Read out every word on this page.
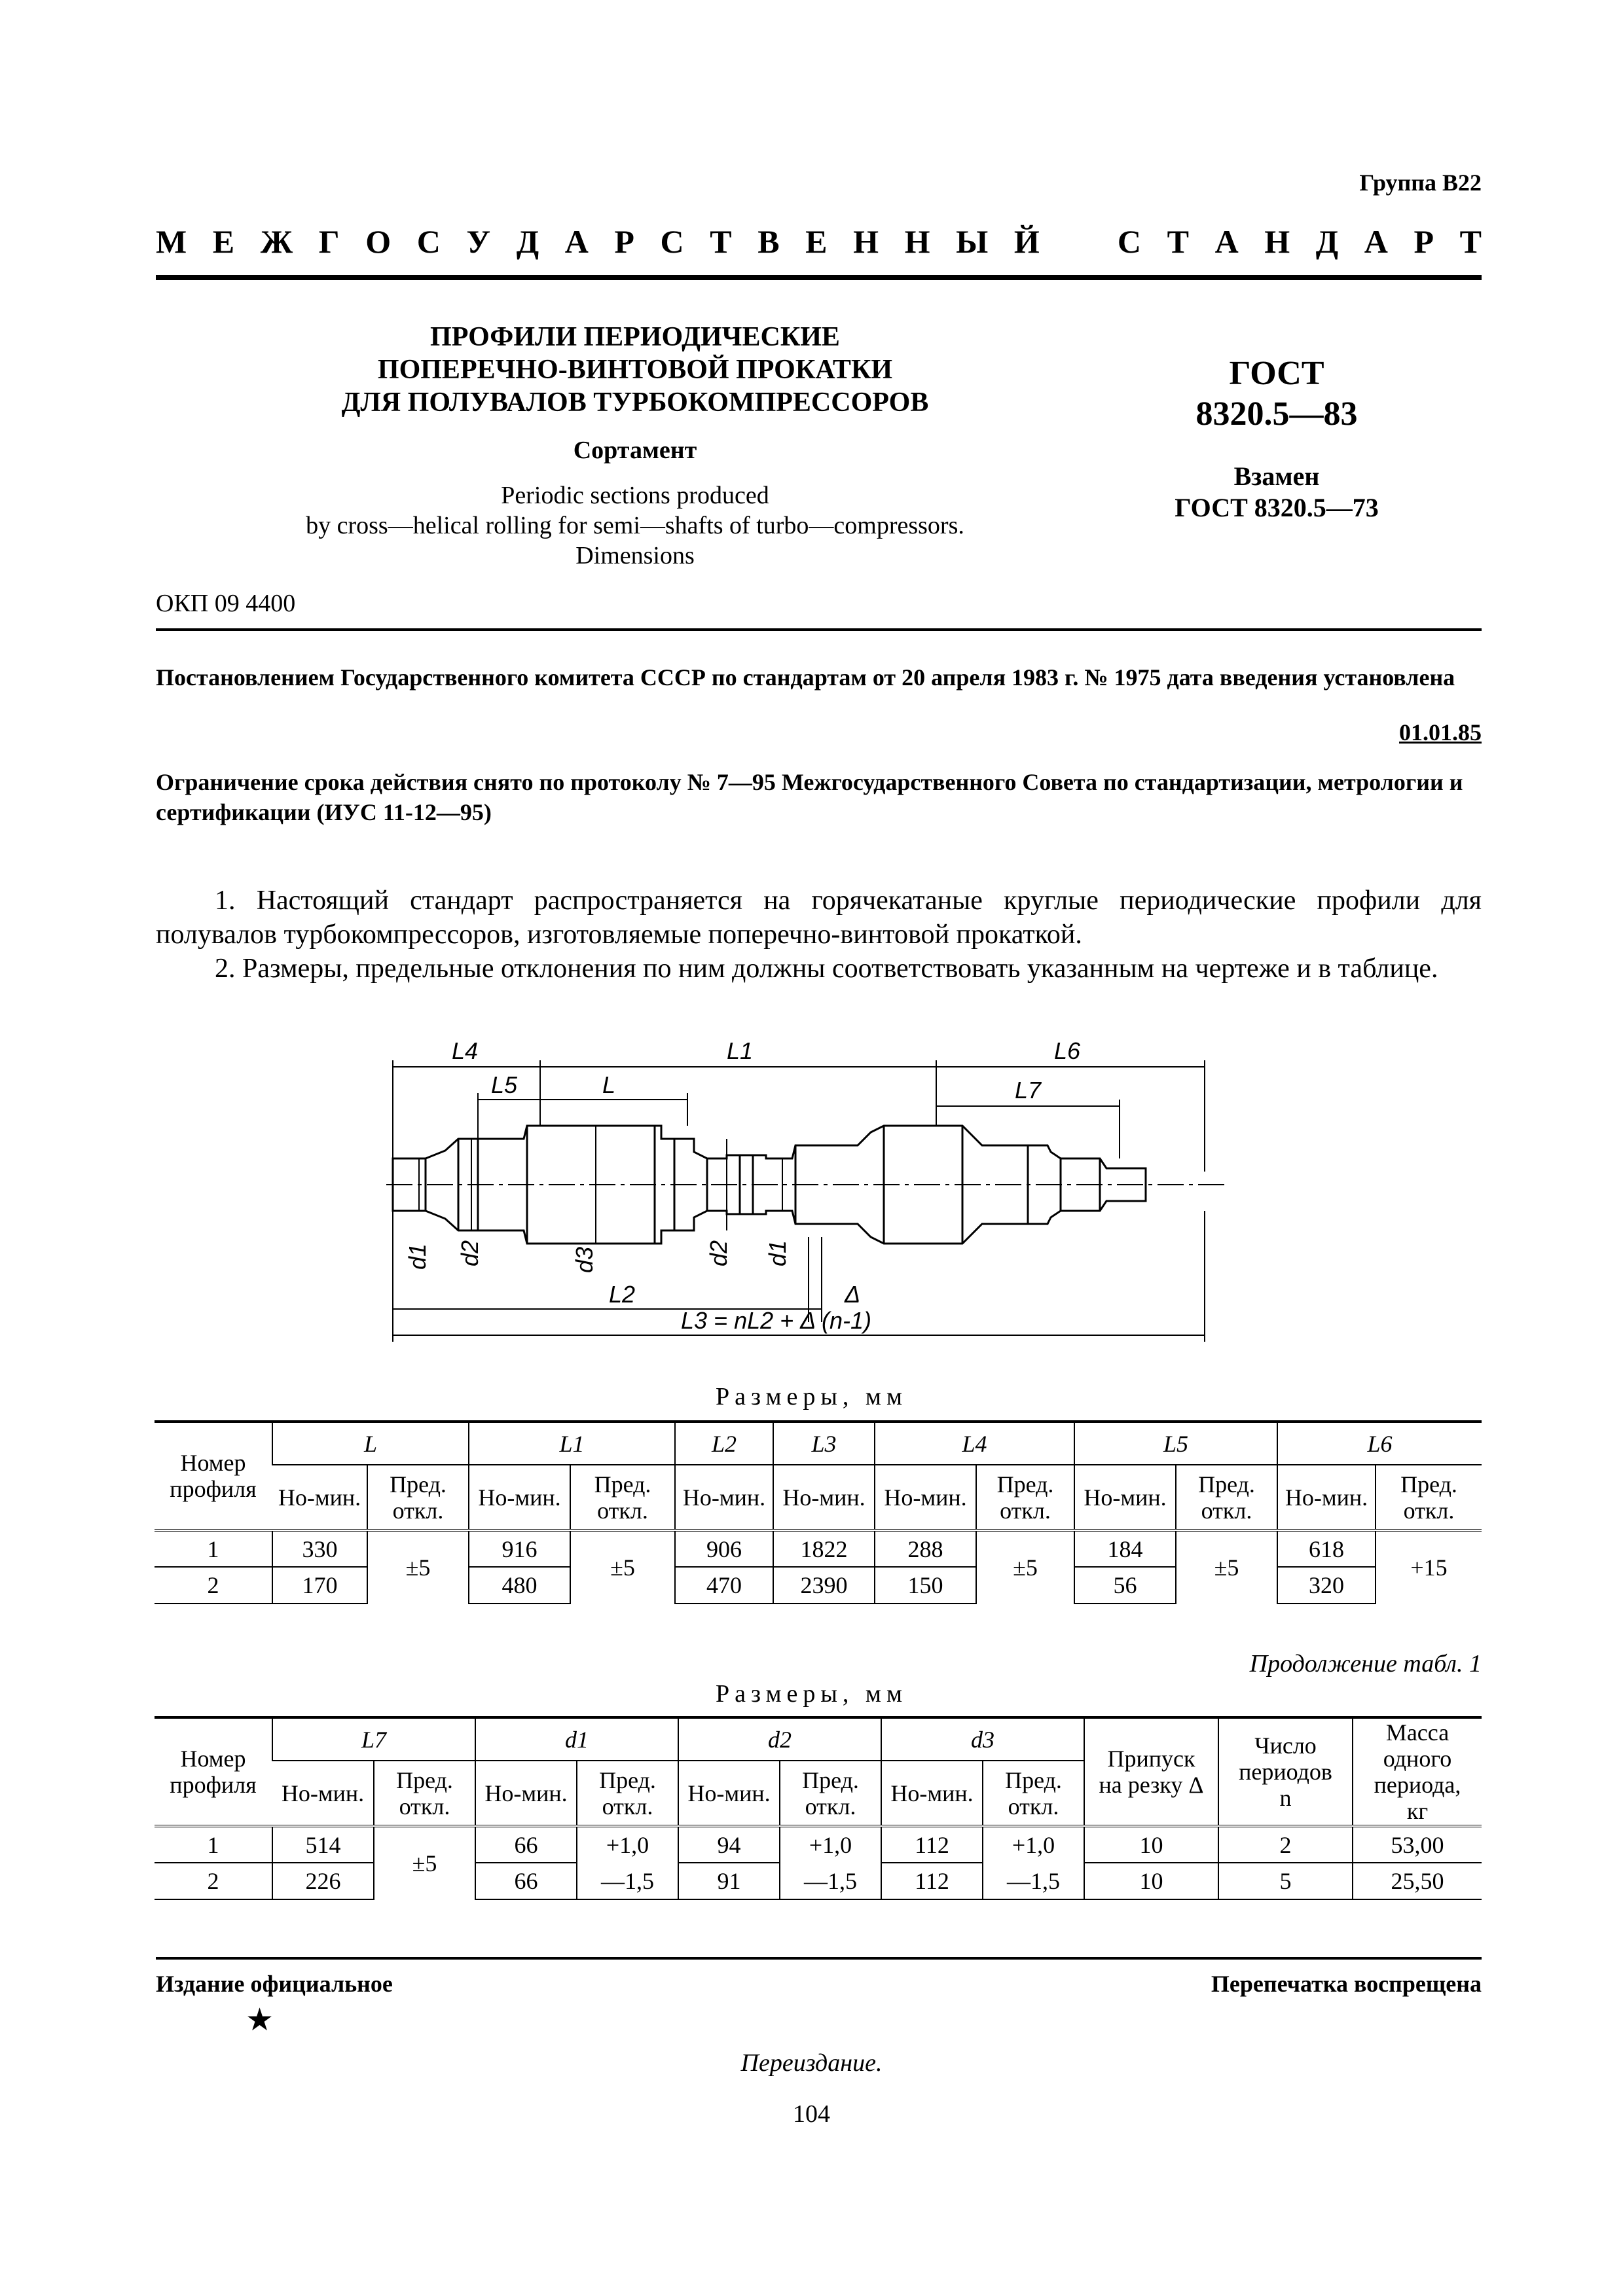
Группа В22
М Е Ж Г О С У Д А Р С Т В Е Н Н Ы Й С Т А Н Д А Р Т
ПРОФИЛИ ПЕРИОДИЧЕСКИЕ
ПОПЕРЕЧНО-ВИНТОВОЙ ПРОКАТКИ
ДЛЯ ПОЛУВАЛОВ ТУРБОКОМПРЕССОРОВ
Сортамент
Periodic sections produced
by cross—helical rolling for semi—shafts of turbo—compressors.
Dimensions
ГОСТ
8320.5—83
Взамен
ГОСТ 8320.5—73
ОКП 09 4400
Постановлением Государственного комитета СССР по стандартам от 20 апреля 1983 г. № 1975 дата введения установлена
01.01.85
Ограничение срока действия снято по протоколу № 7—95 Межгосударственного Совета по стандартизации, метрологии и сертификации (ИУС 11-12—95)
1. Настоящий стандарт распространяется на горячекатаные круглые периодические профили для полувалов турбокомпрессоров, изготовляемые поперечно-винтовой прокаткой.
2. Размеры, предельные отклонения по ним должны соответствовать указанным на чертеже и в таблице.
L4	L1	L6
L5	L	L7
d1 d2	d3	d2 d1
L2	Δ
L3 = nL2 + Δ (n-1)
Размеры, мм
Номер профиля	L		L1		L2	L3	L4		L5		L6	
	Но-мин.	Пред. откл.	Но-мин.	Пред. откл.	Но-мин.	Но-мин.	Но-мин.	Пред. откл.	Но-мин.	Пред. откл.	Но-мин.	Пред. откл.
1	330	±5	916	±5	906	1822	288	±5	184	±5	618	+15
2	170		480		470	2390	150		56		320	
Продолжение табл. 1
Размеры, мм
Номер профиля	L7		d1		d2		d3		Припуск на резку Δ	Число периодов n	Масса одного периода, кг

	Но-мин.	Пред. откл.	Но-мин.	Пред. откл.	Но-мин.	Пред. откл.	Но-мин.	Пред. откл.			
1	514	±5	66	+1,0	94	+1,0	112	+1,0	10	2	53,00
2	226		66	—1,5	91	—1,5	112	—1,5	10	5	25,50
Издание официальное	Перепечатка воспрещена
★
Переиздание.
104
